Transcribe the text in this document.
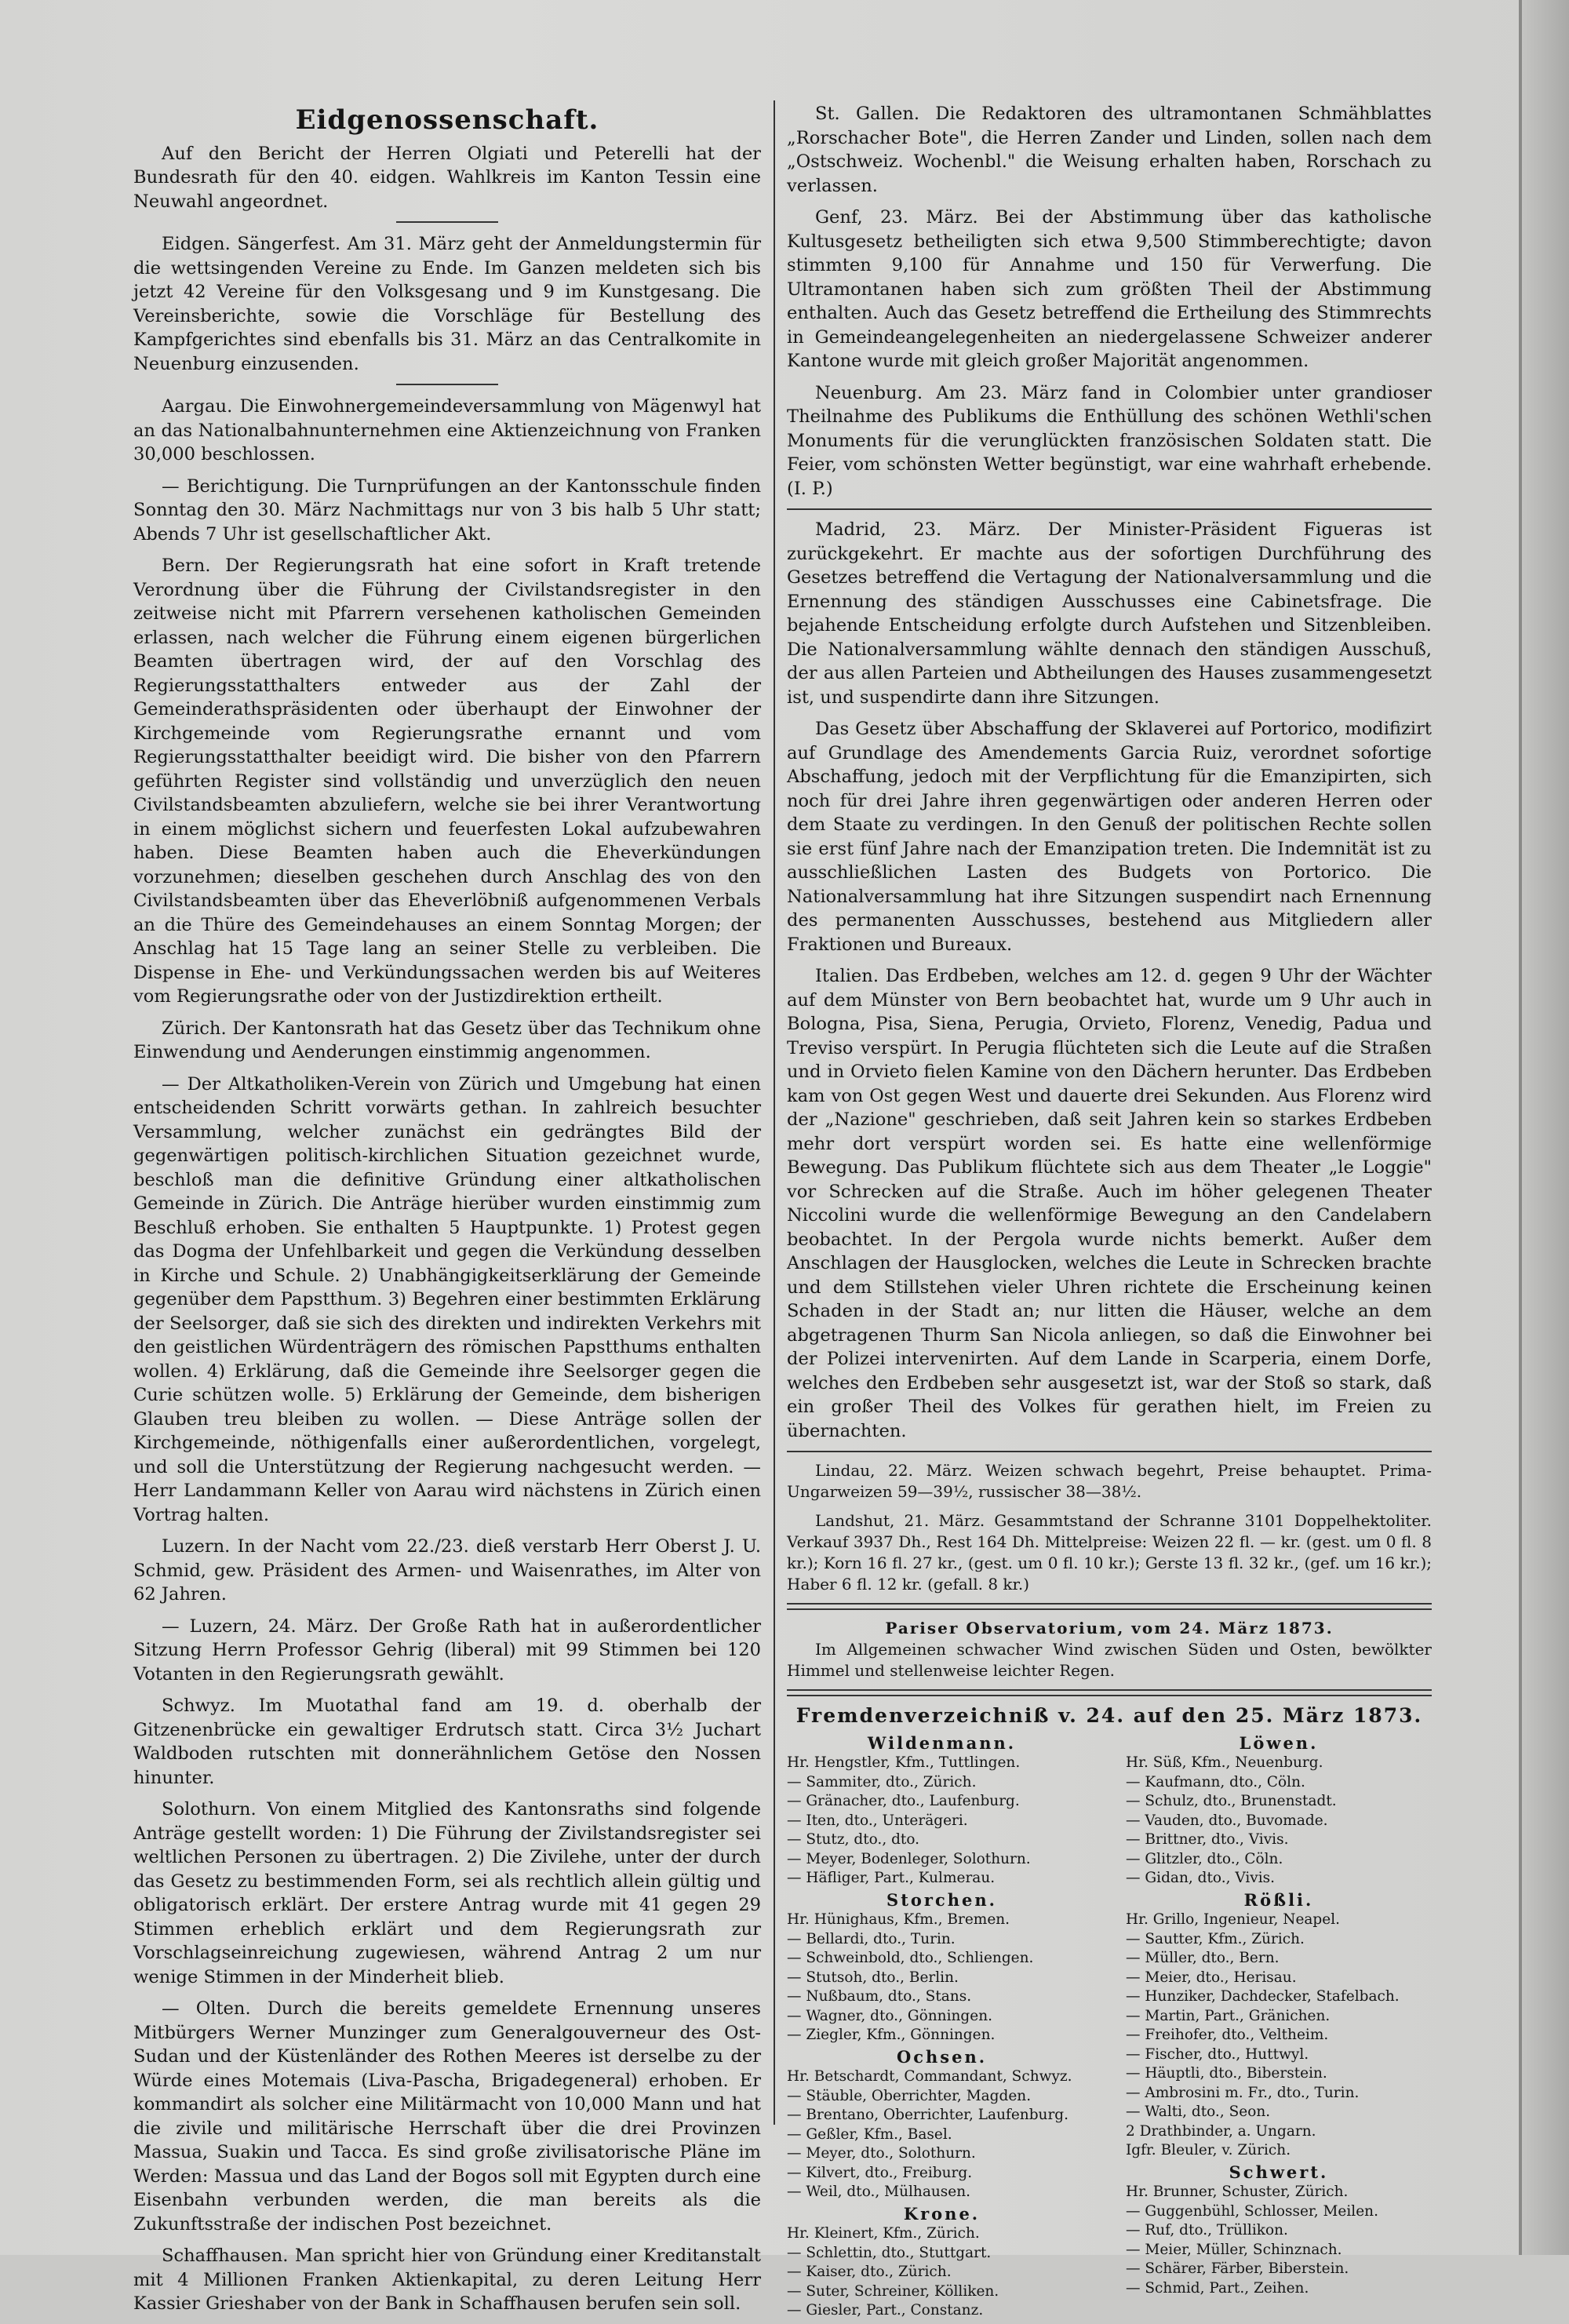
Eidgenossenschaft.

Auf den Bericht der Herren Olgiati und Peterelli hat der Bundesrath für den 40. eidgen. Wahlkreis im Kanton Tessin eine Neuwahl angeordnet.

Eidgen. Sängerfest. Am 31. März geht der Anmeldungstermin für die wettsingenden Vereine zu Ende. Im Ganzen meldeten sich bis jetzt 42 Vereine für den Volksgesang und 9 im Kunstgesang. Die Vereinsberichte, sowie die Vorschläge für Bestellung des Kampfgerichtes sind ebenfalls bis 31. März an das Centralkomite in Neuenburg einzusenden.

Aargau. Die Einwohnergemeindeversammlung von Mägenwyl hat an das Nationalbahnunternehmen eine Aktienzeichnung von Franken 30,000 beschlossen.

— Berichtigung. Die Turnprüfungen an der Kantonsschule finden Sonntag den 30. März Nachmittags nur von 3 bis halb 5 Uhr statt; Abends 7 Uhr ist gesellschaftlicher Akt.

Bern. Der Regierungsrath hat eine sofort in Kraft tretende Verordnung über die Führung der Civilstandsregister in den zeitweise nicht mit Pfarrern versehenen katholischen Gemeinden erlassen, nach welcher die Führung einem eigenen bürgerlichen Beamten übertragen wird, der auf den Vorschlag des Regierungsstatthalters entweder aus der Zahl der Gemeinderathspräsidenten oder überhaupt der Einwohner der Kirchgemeinde vom Regierungsrathe ernannt und vom Regierungsstatthalter beeidigt wird. Die bisher von den Pfarrern geführten Register sind vollständig und unverzüglich den neuen Civilstandsbeamten abzuliefern, welche sie bei ihrer Verantwortung in einem möglichst sichern und feuerfesten Lokal aufzubewahren haben. Diese Beamten haben auch die Eheverkündungen vorzunehmen; dieselben geschehen durch Anschlag des von den Civilstandsbeamten über das Eheverlöbniß aufgenommenen Verbals an die Thüre des Gemeindehauses an einem Sonntag Morgen; der Anschlag hat 15 Tage lang an seiner Stelle zu verbleiben. Die Dispense in Ehe- und Verkündungssachen werden bis auf Weiteres vom Regierungsrathe oder von der Justizdirektion ertheilt.

Zürich. Der Kantonsrath hat das Gesetz über das Technikum ohne Einwendung und Aenderungen einstimmig angenommen.

— Der Altkatholiken-Verein von Zürich und Umgebung hat einen entscheidenden Schritt vorwärts gethan. In zahlreich besuchter Versammlung, welcher zunächst ein gedrängtes Bild der gegenwärtigen politisch-kirchlichen Situation gezeichnet wurde, beschloß man die definitive Gründung einer altkatholischen Gemeinde in Zürich. Die Anträge hierüber wurden einstimmig zum Beschluß erhoben. Sie enthalten 5 Hauptpunkte. 1) Protest gegen das Dogma der Unfehlbarkeit und gegen die Verkündung desselben in Kirche und Schule. 2) Unabhängigkeitserklärung der Gemeinde gegenüber dem Papstthum. 3) Begehren einer bestimmten Erklärung der Seelsorger, daß sie sich des direkten und indirekten Verkehrs mit den geistlichen Würdenträgern des römischen Papstthums enthalten wollen. 4) Erklärung, daß die Gemeinde ihre Seelsorger gegen die Curie schützen wolle. 5) Erklärung der Gemeinde, dem bisherigen Glauben treu bleiben zu wollen. — Diese Anträge sollen der Kirchgemeinde, nöthigenfalls einer außerordentlichen, vorgelegt, und soll die Unterstützung der Regierung nachgesucht werden. — Herr Landammann Keller von Aarau wird nächstens in Zürich einen Vortrag halten.

Luzern. In der Nacht vom 22./23. dieß verstarb Herr Oberst J. U. Schmid, gew. Präsident des Armen- und Waisenrathes, im Alter von 62 Jahren.

— Luzern, 24. März. Der Große Rath hat in außerordentlicher Sitzung Herrn Professor Gehrig (liberal) mit 99 Stimmen bei 120 Votanten in den Regierungsrath gewählt.

Schwyz. Im Muotathal fand am 19. d. oberhalb der Gitzenenbrücke ein gewaltiger Erdrutsch statt. Circa 3½ Juchart Waldboden rutschten mit donnerähnlichem Getöse den Nossen hinunter.

Solothurn. Von einem Mitglied des Kantonsraths sind folgende Anträge gestellt worden: 1) Die Führung der Zivilstandsregister sei weltlichen Personen zu übertragen. 2) Die Zivilehe, unter der durch das Gesetz zu bestimmenden Form, sei als rechtlich allein gültig und obligatorisch erklärt. Der erstere Antrag wurde mit 41 gegen 29 Stimmen erheblich erklärt und dem Regierungsrath zur Vorschlagseinreichung zugewiesen, während Antrag 2 um nur wenige Stimmen in der Minderheit blieb.

— Olten. Durch die bereits gemeldete Ernennung unseres Mitbürgers Werner Munzinger zum Generalgouverneur des Ost-Sudan und der Küstenländer des Rothen Meeres ist derselbe zu der Würde eines Motemais (Liva-Pascha, Brigadegeneral) erhoben. Er kommandirt als solcher eine Militärmacht von 10,000 Mann und hat die zivile und militärische Herrschaft über die drei Provinzen Massua, Suakin und Tacca. Es sind große zivilisatorische Pläne im Werden: Massua und das Land der Bogos soll mit Egypten durch eine Eisenbahn verbunden werden, die man bereits als die Zukunftsstraße der indischen Post bezeichnet.

Schaffhausen. Man spricht hier von Gründung einer Kreditanstalt mit 4 Millionen Franken Aktienkapital, zu deren Leitung Herr Kassier Grieshaber von der Bank in Schaffhausen berufen sein soll.

St. Gallen. Die Redaktoren des ultramontanen Schmähblattes „Rorschacher Bote", die Herren Zander und Linden, sollen nach dem „Ostschweiz. Wochenbl." die Weisung erhalten haben, Rorschach zu verlassen.

Genf, 23. März. Bei der Abstimmung über das katholische Kultusgesetz betheiligten sich etwa 9,500 Stimmberechtigte; davon stimmten 9,100 für Annahme und 150 für Verwerfung. Die Ultramontanen haben sich zum größten Theil der Abstimmung enthalten. Auch das Gesetz betreffend die Ertheilung des Stimmrechts in Gemeindeangelegenheiten an niedergelassene Schweizer anderer Kantone wurde mit gleich großer Majorität angenommen.

Neuenburg. Am 23. März fand in Colombier unter grandioser Theilnahme des Publikums die Enthüllung des schönen Wethli'schen Monuments für die verunglückten französischen Soldaten statt. Die Feier, vom schönsten Wetter begünstigt, war eine wahrhaft erhebende. (I. P.)

Madrid, 23. März. Der Minister-Präsident Figueras ist zurückgekehrt. Er machte aus der sofortigen Durchführung des Gesetzes betreffend die Vertagung der Nationalversammlung und die Ernennung des ständigen Ausschusses eine Cabinetsfrage. Die bejahende Entscheidung erfolgte durch Aufstehen und Sitzenbleiben. Die Nationalversammlung wählte dennach den ständigen Ausschuß, der aus allen Parteien und Abtheilungen des Hauses zusammengesetzt ist, und suspendirte dann ihre Sitzungen.

Das Gesetz über Abschaffung der Sklaverei auf Portorico, modifizirt auf Grundlage des Amendements Garcia Ruiz, verordnet sofortige Abschaffung, jedoch mit der Verpflichtung für die Emanzipirten, sich noch für drei Jahre ihren gegenwärtigen oder anderen Herren oder dem Staate zu verdingen. In den Genuß der politischen Rechte sollen sie erst fünf Jahre nach der Emanzipation treten. Die Indemnität ist zu ausschließlichen Lasten des Budgets von Portorico. Die Nationalversammlung hat ihre Sitzungen suspendirt nach Ernennung des permanenten Ausschusses, bestehend aus Mitgliedern aller Fraktionen und Bureaux.

Italien. Das Erdbeben, welches am 12. d. gegen 9 Uhr der Wächter auf dem Münster von Bern beobachtet hat, wurde um 9 Uhr auch in Bologna, Pisa, Siena, Perugia, Orvieto, Florenz, Venedig, Padua und Treviso verspürt. In Perugia flüchteten sich die Leute auf die Straßen und in Orvieto fielen Kamine von den Dächern herunter. Das Erdbeben kam von Ost gegen West und dauerte drei Sekunden. Aus Florenz wird der „Nazione" geschrieben, daß seit Jahren kein so starkes Erdbeben mehr dort verspürt worden sei. Es hatte eine wellenförmige Bewegung. Das Publikum flüchtete sich aus dem Theater „le Loggie" vor Schrecken auf die Straße. Auch im höher gelegenen Theater Niccolini wurde die wellenförmige Bewegung an den Candelabern beobachtet. In der Pergola wurde nichts bemerkt. Außer dem Anschlagen der Hausglocken, welches die Leute in Schrecken brachte und dem Stillstehen vieler Uhren richtete die Erscheinung keinen Schaden in der Stadt an; nur litten die Häuser, welche an dem abgetragenen Thurm San Nicola anliegen, so daß die Einwohner bei der Polizei intervenirten. Auf dem Lande in Scarperia, einem Dorfe, welches den Erdbeben sehr ausgesetzt ist, war der Stoß so stark, daß ein großer Theil des Volkes für gerathen hielt, im Freien zu übernachten.

Lindau, 22. März. Weizen schwach begehrt, Preise behauptet. Prima-Ungarweizen 59—39½, russischer 38—38½.

Landshut, 21. März. Gesammtstand der Schranne 3101 Doppelhektoliter. Verkauf 3937 Dh., Rest 164 Dh. Mittelpreise: Weizen 22 fl. — kr. (gest. um 0 fl. 8 kr.); Korn 16 fl. 27 kr., (gest. um 0 fl. 10 kr.); Gerste 13 fl. 32 kr., (gef. um 16 kr.); Haber 6 fl. 12 kr. (gefall. 8 kr.)

Pariser Observatorium, vom 24. März 1873.

Im Allgemeinen schwacher Wind zwischen Süden und Osten, bewölkter Himmel und stellenweise leichter Regen.

Fremdenverzeichniß v. 24. auf den 25. März 1873.
Wildenmann.
Hr. Hengstler, Kfm., Tuttlingen.
— Sammiter, dto., Zürich.
— Gränacher, dto., Laufenburg.
— Iten, dto., Unterägeri.
— Stutz, dto., dto.
— Meyer, Bodenleger, Solothurn.
— Häfliger, Part., Kulmerau.
Storchen.
Hr. Hünighaus, Kfm., Bremen.
— Bellardi, dto., Turin.
— Schweinbold, dto., Schliengen.
— Stutsoh, dto., Berlin.
— Nußbaum, dto., Stans.
— Wagner, dto., Gönningen.
— Ziegler, Kfm., Gönningen.
Ochsen.
Hr. Betschardt, Commandant, Schwyz.
— Stäuble, Oberrichter, Magden.
— Brentano, Oberrichter, Laufenburg.
— Geßler, Kfm., Basel.
— Meyer, dto., Solothurn.
— Kilvert, dto., Freiburg.
— Weil, dto., Mülhausen.
Krone.
Hr. Kleinert, Kfm., Zürich.
— Schlettin, dto., Stuttgart.
— Kaiser, dto., Zürich.
— Suter, Schreiner, Kölliken.
— Giesler, Part., Constanz.
Löwen.
Hr. Süß, Kfm., Neuenburg.
— Kaufmann, dto., Cöln.
— Schulz, dto., Brunenstadt.
— Vauden, dto., Buvomade.
— Brittner, dto., Vivis.
— Glitzler, dto., Cöln.
— Gidan, dto., Vivis.
Rößli.
Hr. Grillo, Ingenieur, Neapel.
— Sautter, Kfm., Zürich.
— Müller, dto., Bern.
— Meier, dto., Herisau.
— Hunziker, Dachdecker, Stafelbach.
— Martin, Part., Gränichen.
— Freihofer, dto., Veltheim.
— Fischer, dto., Huttwyl.
— Häuptli, dto., Biberstein.
— Ambrosini m. Fr., dto., Turin.
— Walti, dto., Seon.
2 Drathbinder, a. Ungarn.
Igfr. Bleuler, v. Zürich.
Schwert.
Hr. Brunner, Schuster, Zürich.
— Guggenbühl, Schlosser, Meilen.
— Ruf, dto., Trüllikon.
— Meier, Müller, Schinznach.
— Schärer, Färber, Biberstein.
— Schmid, Part., Zeihen.
